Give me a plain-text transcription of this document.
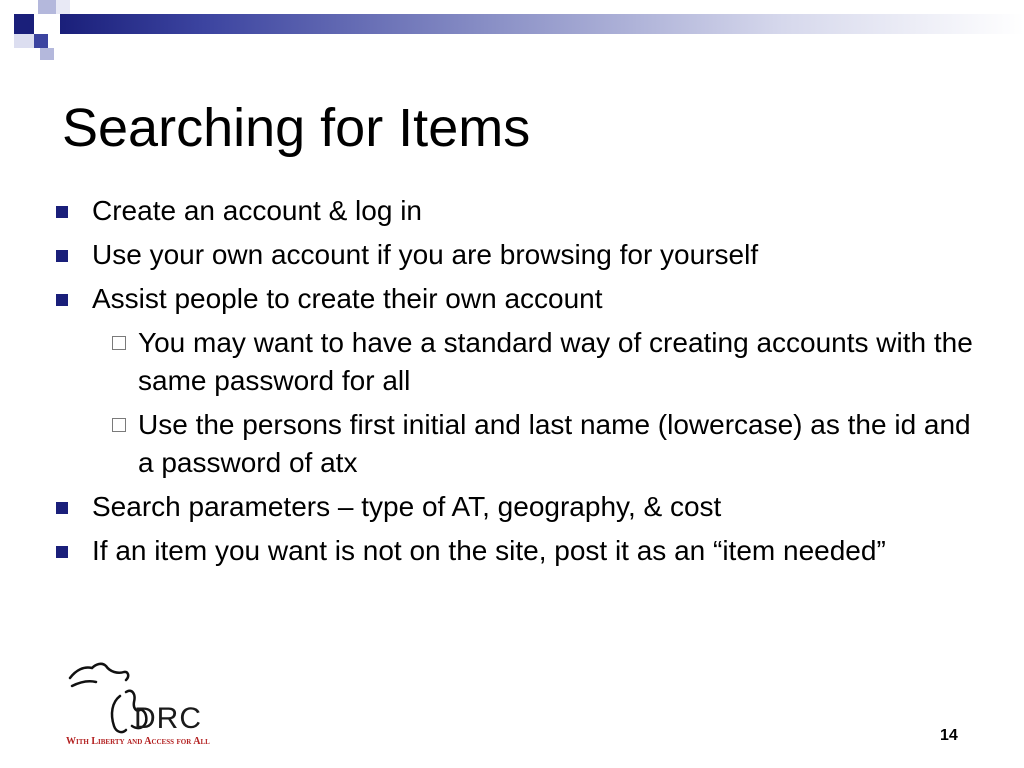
Searching for Items
Create an account & log in
Use your own account if you are browsing for yourself
Assist people to create their own account
You may want to have a standard way of creating accounts with the same password for all
Use the persons first initial and last name (lowercase) as the id and a password of atx
Search parameters – type of AT, geography, & cost
If an item you want is not on the site, post it as an “item needed”
DRC
With Liberty and Access for All	14
